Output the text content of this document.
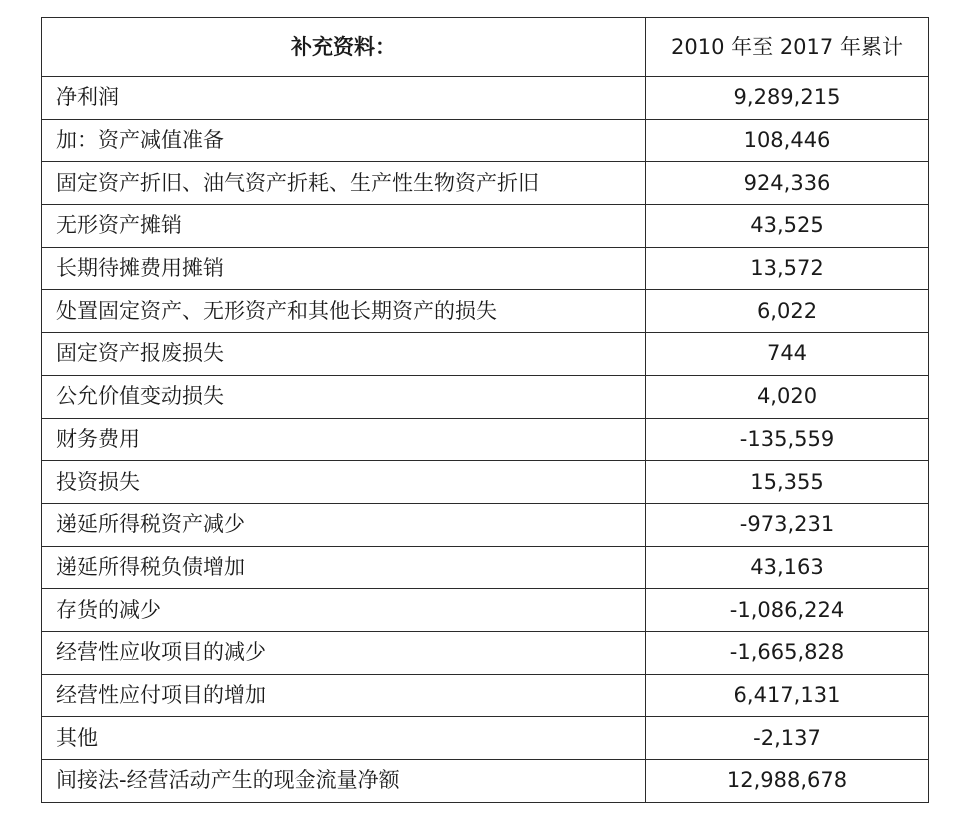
补充资料：	2010 年至 2017 年累计
净利润	9,289,215
加：资产减值准备	108,446
固定资产折旧、油气资产折耗、生产性生物资产折旧	924,336
无形资产摊销	43,525
长期待摊费用摊销	13,572
处置固定资产、无形资产和其他长期资产的损失	6,022
固定资产报废损失	744
公允价值变动损失	4,020
财务费用	-135,559
投资损失	15,355
递延所得税资产减少	-973,231
递延所得税负债增加	43,163
存货的减少	-1,086,224
经营性应收项目的减少	-1,665,828
经营性应付项目的增加	6,417,131
其他	-2,137
间接法-经营活动产生的现金流量净额	12,988,678
